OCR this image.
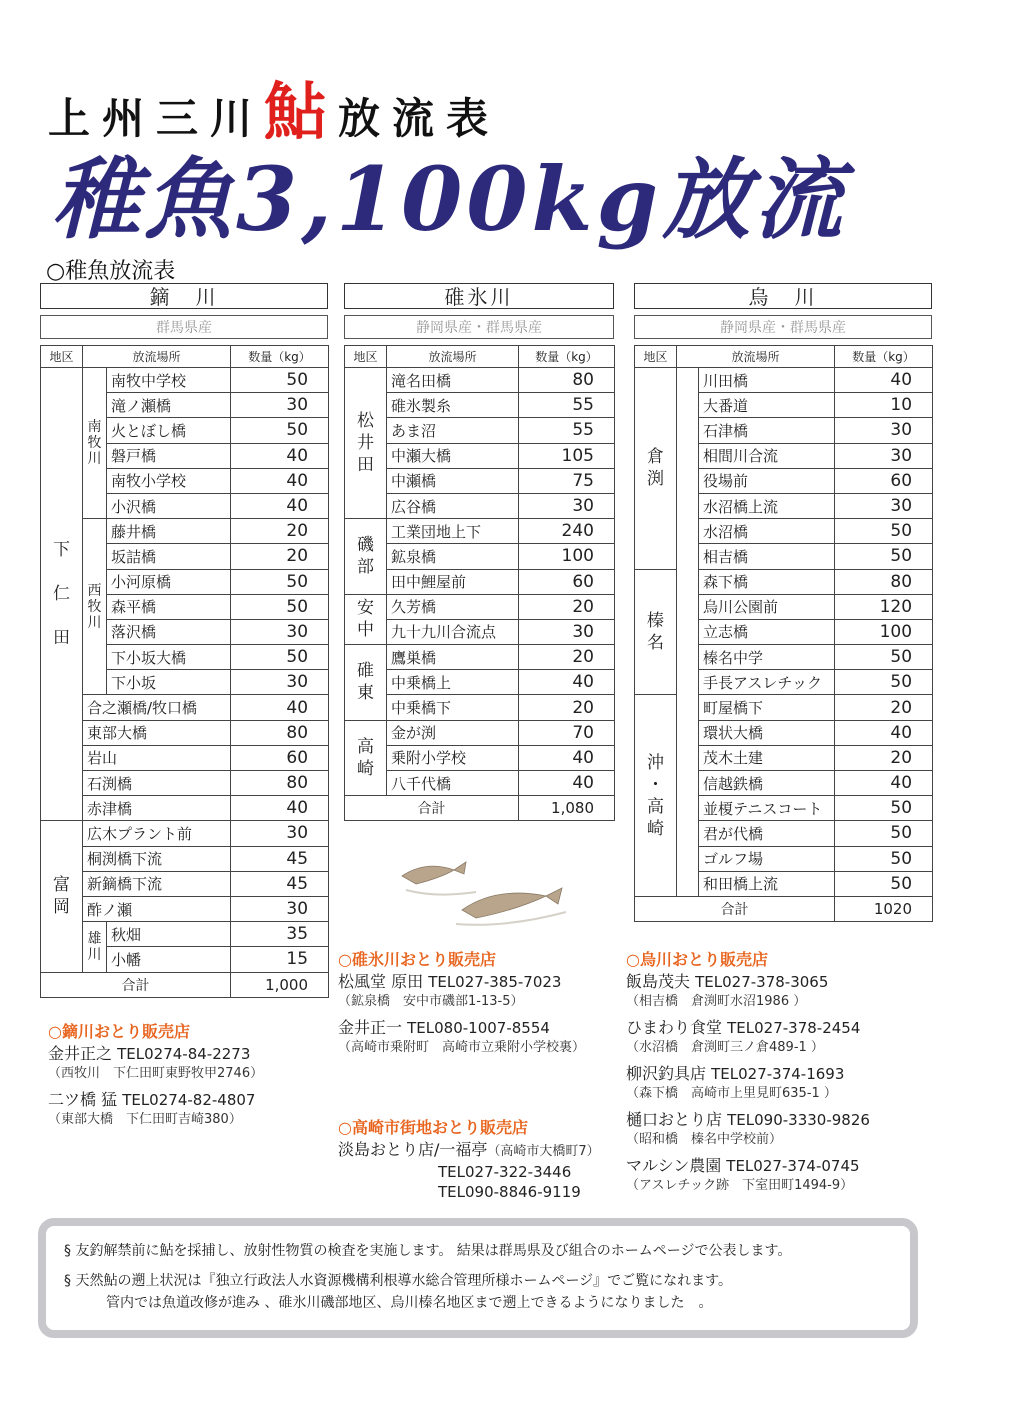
上州三川鮎放流表
稚魚3,100kg放流
○稚魚放流表
鏑　川
群馬県産
地区	放流場所		数量（kg）
下

仁

田	南
牧
川	南牧中学校	50
		滝ノ瀬橋	30
		火とぼし橋	50
		磐戸橋	40
		南牧小学校	40
		小沢橋	40
	西
牧
川	藤井橋	20
		坂詰橋	20
		小河原橋	50
		森平橋	50
		落沢橋	30
		下小坂大橋	50
		下小坂	30
	合之瀬橋/牧口橋		40
	東部大橋		80
	岩山		60
	石渕橋		80
	赤津橋		40
富
岡	広木プラント前		30
	桐渕橋下流		45
	新鏑橋下流		45
	酢ノ瀬		30
	雄
川	秋畑	35
		小幡	15
合計			1,000
碓氷川
静岡県産・群馬県産
地区	放流場所	数量（kg）
松
井
田	滝名田橋	80
	碓氷製糸	55
	あま沼	55
	中瀬大橋	105
	中瀬橋	75
	広谷橋	30
磯
部	工業団地上下	240
	鉱泉橋	100
	田中鯉屋前	60
安
中	久芳橋	20
	九十九川合流点	30
碓
東	鷹巣橋	20
	中乗橋上	40
	中乗橋下	20
高
崎	金が渕	70
	乗附小学校	40
	八千代橋	40
合計		1,080
烏　川
静岡県産・群馬県産
地区	放流場所		数量（kg）
倉
渕		川田橋	40
		大番道	10
		石津橋	30
		相間川合流	30
		役場前	60
		水沼橋上流	30
		水沼橋	50
		相吉橋	50
榛
名		森下橋	80
		烏川公園前	120
		立志橋	100
		榛名中学	50
		手長アスレチック	50
沖
・
高
崎		町屋橋下	20
		環状大橋	40
		茂木土建	20
		信越鉄橋	40
		並榎テニスコート	50
		君が代橋	50
		ゴルフ場	50
		和田橋上流	50
合計			1020
○鏑川おとり販売店
金井正之 TEL0274-84-2273
（西牧川　下仁田町東野牧甲2746）
二ツ橋 猛 TEL0274-82-4807
（東部大橋　下仁田町吉崎380）
○碓氷川おとり販売店
松風堂 原田 TEL027-385-7023
（鉱泉橋　安中市磯部1-13-5）
金井正一 TEL080-1007-8554
（高崎市乗附町　高崎市立乗附小学校裏）
○高崎市街地おとり販売店
淡島おとり店/一福亭（高崎市大橋町7）
TEL027-322-3446
TEL090-8846-9119
○烏川おとり販売店
飯島茂夫 TEL027-378-3065
（相吉橋　倉渕町水沼1986 ）
ひまわり食堂 TEL027-378-2454
（水沼橋　倉渕町三ノ倉489-1 ）
柳沢釣具店 TEL027-374-1693
（森下橋　高崎市上里見町635-1 ）
樋口おとり店 TEL090-3330-9826
（昭和橋　榛名中学校前）
マルシン農園 TEL027-374-0745
（アスレチック跡　下室田町1494-9）
§ 友釣解禁前に鮎を採捕し、放射性物質の検査を実施します。 結果は群馬県及び組合のホームページで公表します。
§ 天然鮎の遡上状況は『独立行政法人水資源機構利根導水総合管理所様ホームページ』でご覧になれます。
管内では魚道改修が進み 、碓氷川磯部地区、烏川榛名地区まで遡上できるようになりました　。
